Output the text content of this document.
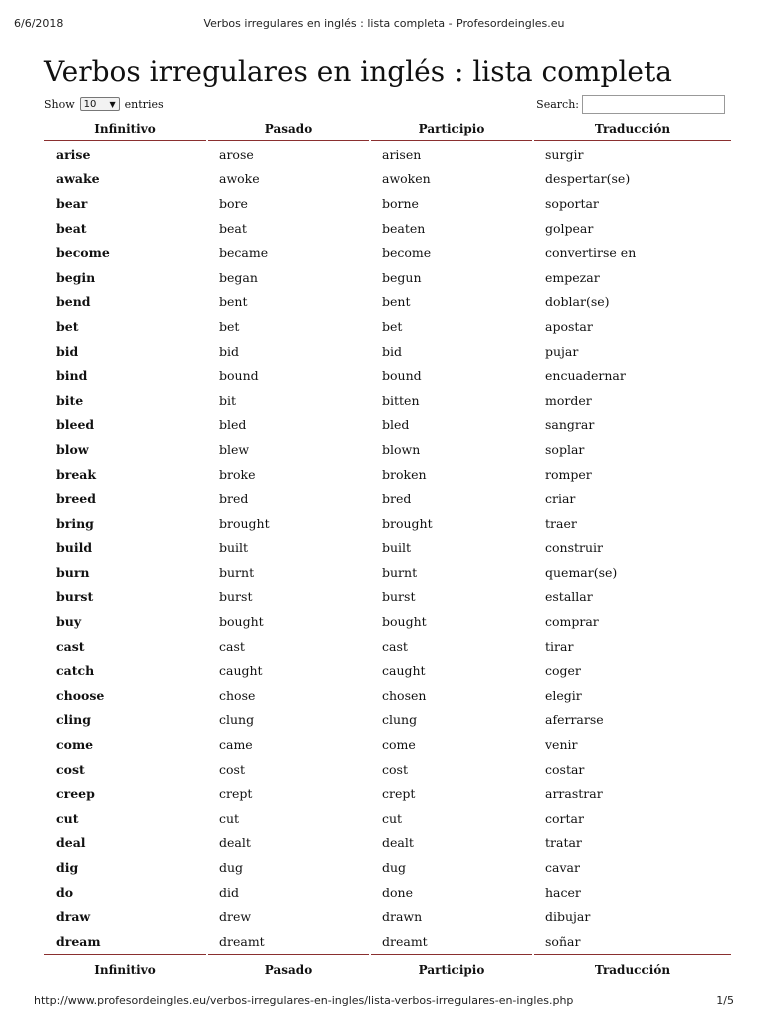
6/6/2018	Verbos irregulares en inglés : lista completa - Profesordeingles.eu
Verbos irregulares en inglés : lista completa
Show 10 ▼ entries	Search:
Infinitivo	Pasado	Participio	Traducción
arise	arose	arisen	surgir
awake	awoke	awoken	despertar(se)
bear	bore	borne	soportar
beat	beat	beaten	golpear
become	became	become	convertirse en
begin	began	begun	empezar
bend	bent	bent	doblar(se)
bet	bet	bet	apostar
bid	bid	bid	pujar
bind	bound	bound	encuadernar
bite	bit	bitten	morder
bleed	bled	bled	sangrar
blow	blew	blown	soplar
break	broke	broken	romper
breed	bred	bred	criar
bring	brought	brought	traer
build	built	built	construir
burn	burnt	burnt	quemar(se)
burst	burst	burst	estallar
buy	bought	bought	comprar
cast	cast	cast	tirar
catch	caught	caught	coger
choose	chose	chosen	elegir
cling	clung	clung	aferrarse
come	came	come	venir
cost	cost	cost	costar
creep	crept	crept	arrastrar
cut	cut	cut	cortar
deal	dealt	dealt	tratar
dig	dug	dug	cavar
do	did	done	hacer
draw	drew	drawn	dibujar
dream	dreamt	dreamt	soñar
Infinitivo	Pasado	Participio	Traducción
http://www.profesordeingles.eu/verbos-irregulares-en-ingles/lista-verbos-irregulares-en-ingles.php	1/5
